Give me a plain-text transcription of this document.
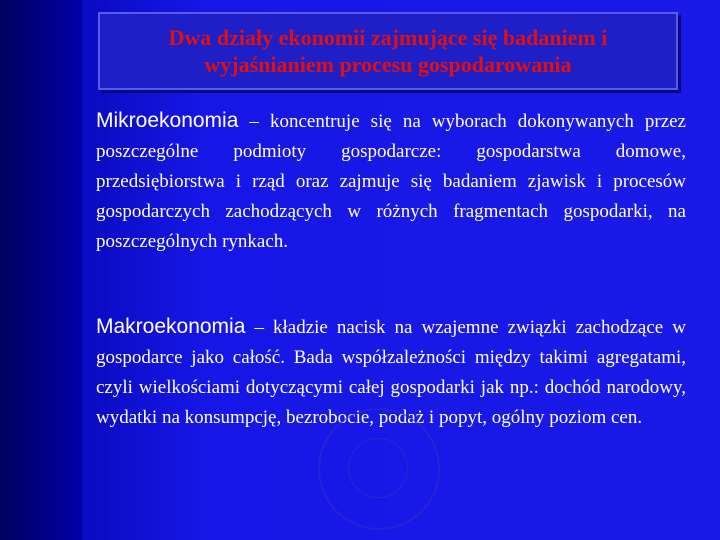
Dwa działy ekonomii zajmujące się badaniem i
wyjaśnianiem procesu gospodarowania
Mikroekonomia – koncentruje się na wyborach dokonywanych przez poszczególne podmioty gospodarcze: gospodarstwa domowe, przedsiębiorstwa i rząd oraz zajmuje się badaniem zjawisk i procesów gospodarczych zachodzących w różnych fragmentach gospodarki, na poszczególnych rynkach.
Makroekonomia – kładzie nacisk na wzajemne związki zachodzące w gospodarce jako całość. Bada współzależności między takimi agregatami, czyli wielkościami dotyczącymi całej gospodarki jak np.: dochód narodowy, wydatki na konsumpcję, bezrobocie, podaż i popyt, ogólny poziom cen.
